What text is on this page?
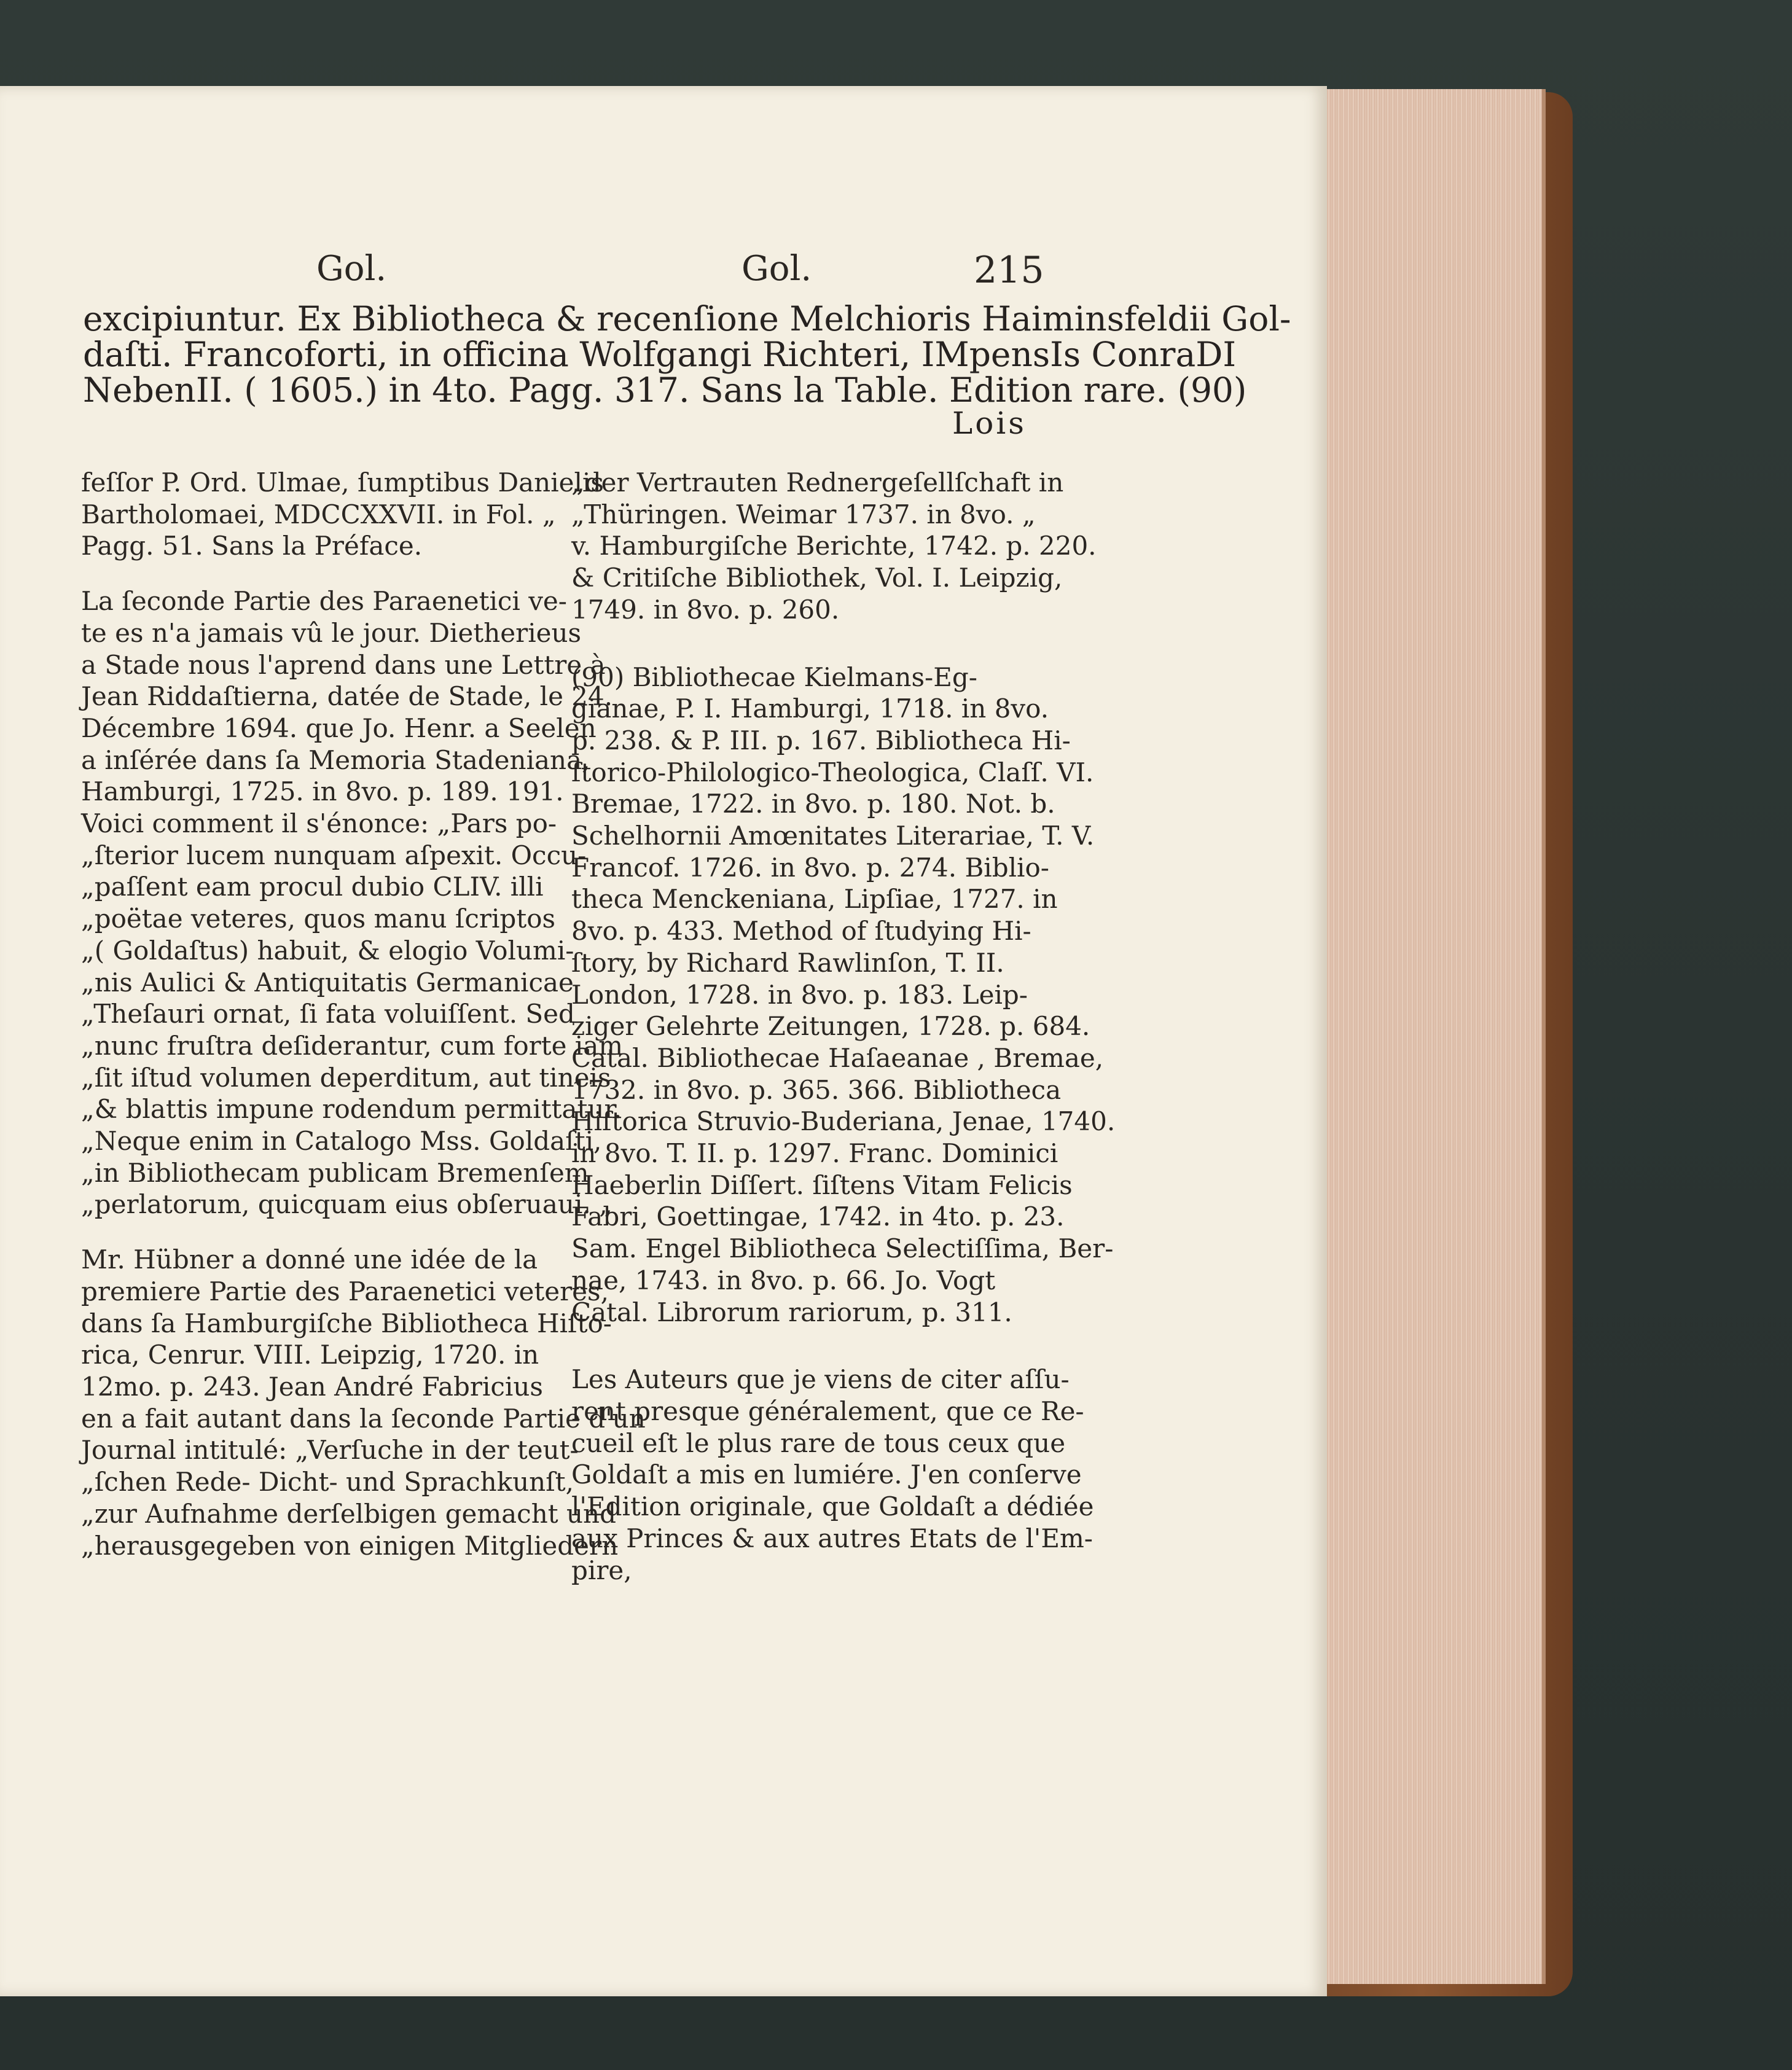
Gol.	Gol.	215

excipiuntur. Ex Bibliotheca & recenſione Melchioris Haiminsfeldii Gol-
daſti. Francoforti, in officina Wolfgangi Richteri, IMpensIs ConraDI
NebenII. ( 1605.) in 4to. Pagg. 317. Sans la Table. Edition rare. (90)

Lois
feſſor P. Ord. Ulmae, ſumptibus Danielis
Bartholomaei, MDCCXXVII. in Fol. „
Pagg. 51. Sans la Préface.
La ſeconde Partie des Paraenetici ve-
te es n'a jamais vû le jour. Dietherieus
a Stade nous l'aprend dans une Lettre à
Jean Riddaſtierna, datée de Stade, le 24.
Décembre 1694. que Jo. Henr. a Seelen
a inſérée dans ſa Memoria Stadeniana,
Hamburgi, 1725. in 8vo. p. 189. 191.
Voici comment il s'énonce: „Pars po-
„ſterior lucem nunquam aſpexit. Occu-
„paſſent eam procul dubio CLIV. illi
„poëtae veteres, quos manu ſcriptos
„( Goldaſtus) habuit, & elogio Volumi-
„nis Aulici & Antiquitatis Germanicae
„Theſauri ornat, ſi fata voluiſſent. Sed
„nunc fruſtra deſiderantur, cum forte iam
„ſit iſtud volumen deperditum, aut tineis
„& blattis impune rodendum permittatur.
„Neque enim in Catalogo Mss. Goldaſti,
„in Bibliothecam publicam Bremenſem
„perlatorum, quicquam eius obſeruaui. „
Mr. Hübner a donné une idée de la
premiere Partie des Paraenetici veteres,
dans ſa Hamburgiſche Bibliotheca Hiſto-
rica, Cenrur. VIII. Leipzig, 1720. in
12mo. p. 243. Jean André Fabricius
en a fait autant dans la ſeconde Partie d'un
Journal intitulé: „Verſuche in der teut-
„ſchen Rede- Dicht- und Sprachkunſt,
„zur Aufnahme derſelbigen gemacht und
„herausgegeben von einigen Mitgliedern
„der Vertrauten Rednergeſellſchaft in
„Thüringen. Weimar 1737. in 8vo. „
v. Hamburgiſche Berichte, 1742. p. 220.
& Critiſche Bibliothek, Vol. I. Leipzig,
1749. in 8vo. p. 260.
(90) Bibliothecae Kielmans-Eg-
gianae, P. I. Hamburgi, 1718. in 8vo.
p. 238. & P. III. p. 167. Bibliotheca Hi-
ſtorico-Philologico-Theologica, Claſſ. VI.
Bremae, 1722. in 8vo. p. 180. Not. b.
Schelhornii Amœnitates Literariae, T. V.
Francof. 1726. in 8vo. p. 274. Biblio-
theca Menckeniana, Lipſiae, 1727. in
8vo. p. 433. Method of ſtudying Hi-
ſtory, by Richard Rawlinſon, T. II.
London, 1728. in 8vo. p. 183. Leip-
ziger Gelehrte Zeitungen, 1728. p. 684.
Catal. Bibliothecae Haſaeanae , Bremae,
1732. in 8vo. p. 365. 366. Bibliotheca
Hiſtorica Struvio-Buderiana, Jenae, 1740.
in 8vo. T. II. p. 1297. Franc. Dominici
Haeberlin Diſſert. ſiſtens Vitam Felicis
Fabri, Goettingae, 1742. in 4to. p. 23.
Sam. Engel Bibliotheca Selectiſſima, Ber-
nae, 1743. in 8vo. p. 66. Jo. Vogt
Catal. Librorum rariorum, p. 311.
Les Auteurs que je viens de citer aſſu-
rent presque généralement, que ce Re-
cueil eſt le plus rare de tous ceux que
Goldaſt a mis en lumiére. J'en conſerve
l'Edition originale, que Goldaſt a dédiée
aux Princes & aux autres Etats de l'Em-
pire,
